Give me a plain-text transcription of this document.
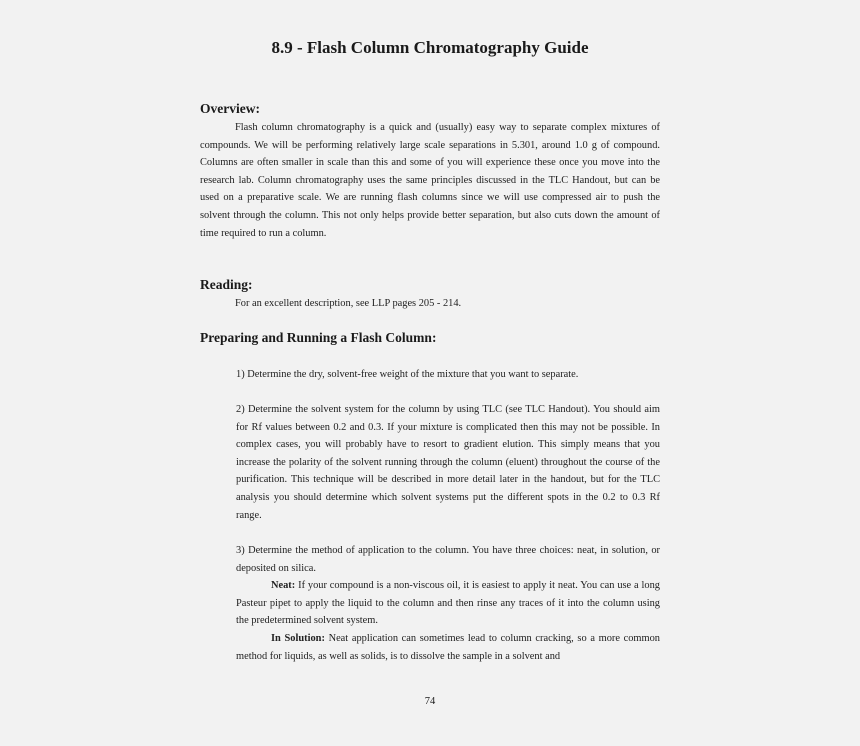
8.9 - Flash Column Chromatography Guide
Overview:
Flash column chromatography is a quick and (usually) easy way to separate complex mixtures of compounds. We will be performing relatively large scale separations in 5.301, around 1.0 g of compound. Columns are often smaller in scale than this and some of you will experience these once you move into the research lab. Column chromatography uses the same principles discussed in the TLC Handout, but can be used on a preparative scale. We are running flash columns since we will use compressed air to push the solvent through the column. This not only helps provide better separation, but also cuts down the amount of time required to run a column.
Reading:
For an excellent description, see LLP pages 205 - 214.
Preparing and Running a Flash Column:
1) Determine the dry, solvent-free weight of the mixture that you want to separate.
2) Determine the solvent system for the column by using TLC (see TLC Handout). You should aim for Rf values between 0.2 and 0.3. If your mixture is complicated then this may not be possible. In complex cases, you will probably have to resort to gradient elution. This simply means that you increase the polarity of the solvent running through the column (eluent) throughout the course of the purification. This technique will be described in more detail later in the handout, but for the TLC analysis you should determine which solvent systems put the different spots in the 0.2 to 0.3 Rf range.
3) Determine the method of application to the column. You have three choices: neat, in solution, or deposited on silica.
Neat: If your compound is a non-viscous oil, it is easiest to apply it neat. You can use a long Pasteur pipet to apply the liquid to the column and then rinse any traces of it into the column using the predetermined solvent system.
In Solution: Neat application can sometimes lead to column cracking, so a more common method for liquids, as well as solids, is to dissolve the sample in a solvent and
74
